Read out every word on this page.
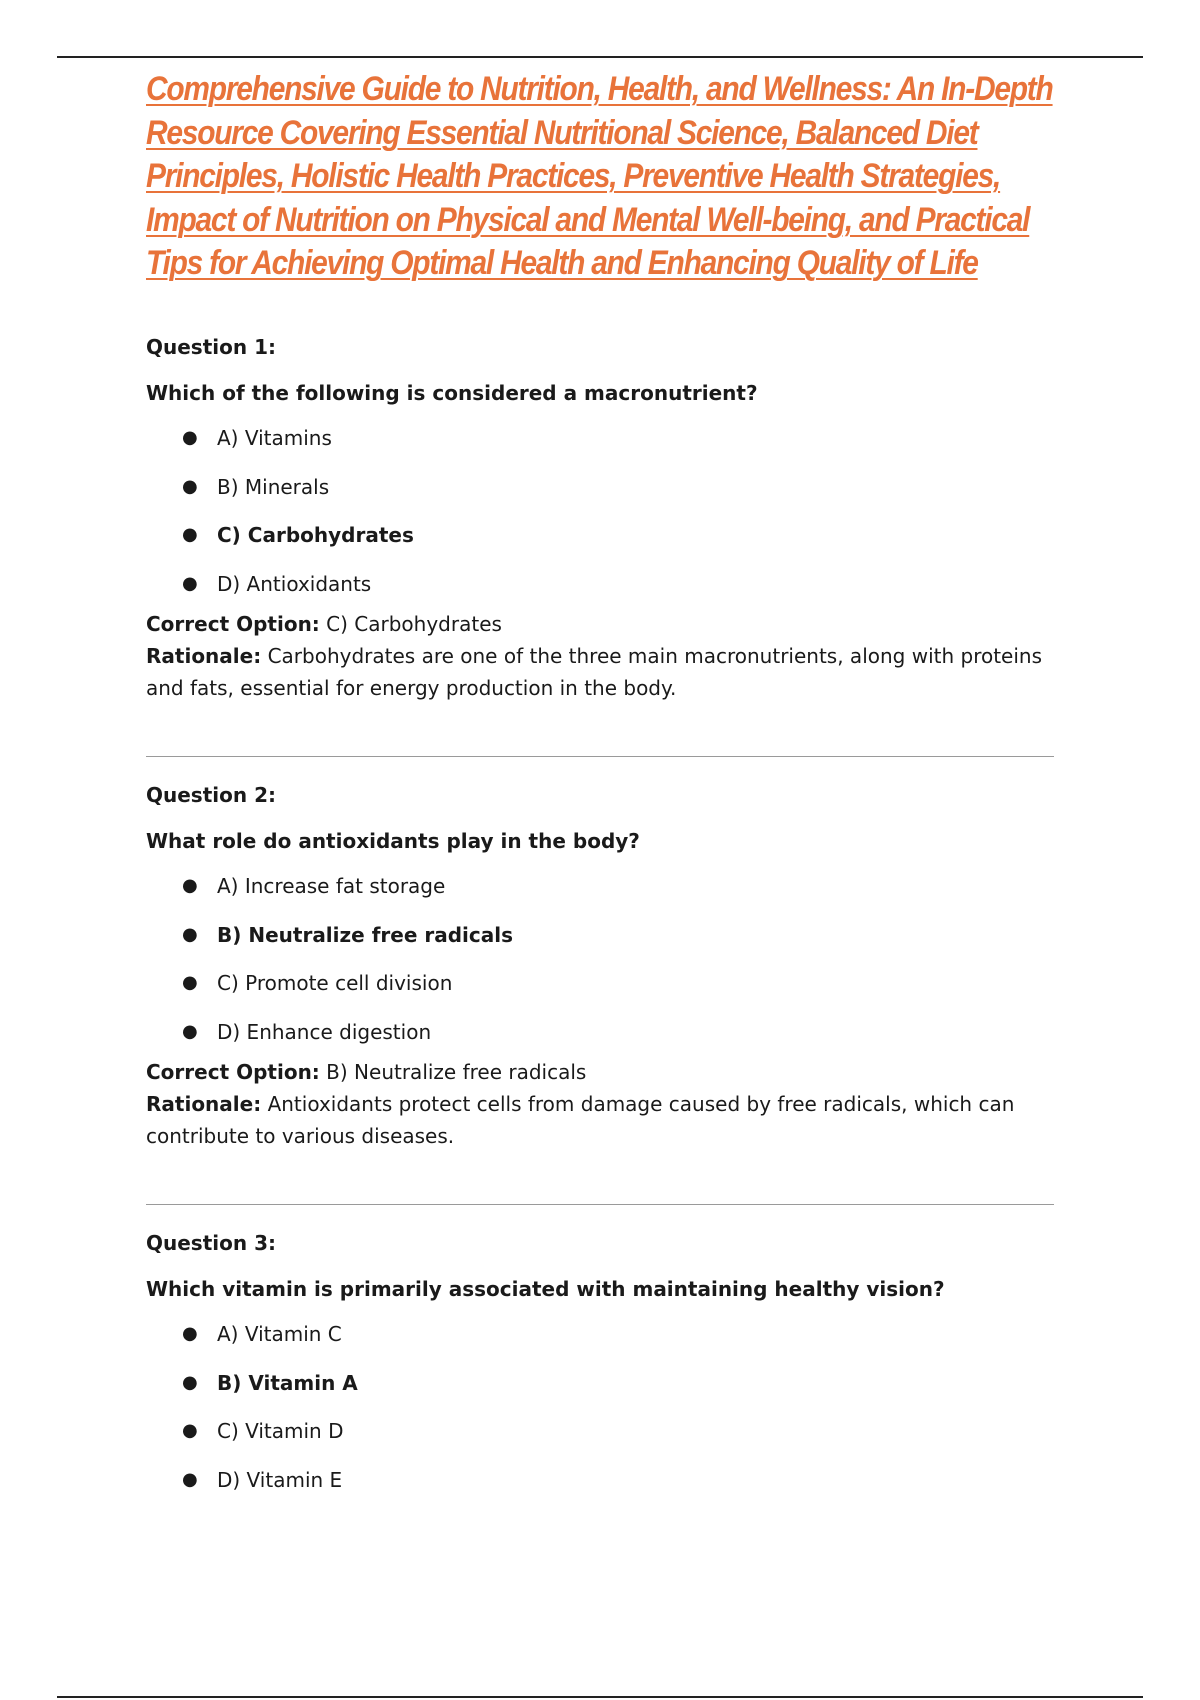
Comprehensive Guide to Nutrition, Health, and Wellness: An In-Depth Resource Covering Essential Nutritional Science, Balanced Diet Principles, Holistic Health Practices, Preventive Health Strategies, Impact of Nutrition on Physical and Mental Well-being, and Practical Tips for Achieving Optimal Health and Enhancing Quality of Life

Question 1:

Which of the following is considered a macronutrient?

● A) Vitamins
● B) Minerals
● C) Carbohydrates
● D) Antioxidants
Correct Option: C) Carbohydrates
Rationale: Carbohydrates are one of the three main macronutrients, along with proteins and fats, essential for energy production in the body.

Question 2:

What role do antioxidants play in the body?

● A) Increase fat storage
● B) Neutralize free radicals
● C) Promote cell division
● D) Enhance digestion
Correct Option: B) Neutralize free radicals
Rationale: Antioxidants protect cells from damage caused by free radicals, which can contribute to various diseases.

Question 3:

Which vitamin is primarily associated with maintaining healthy vision?

● A) Vitamin C
● B) Vitamin A
● C) Vitamin D
● D) Vitamin E
